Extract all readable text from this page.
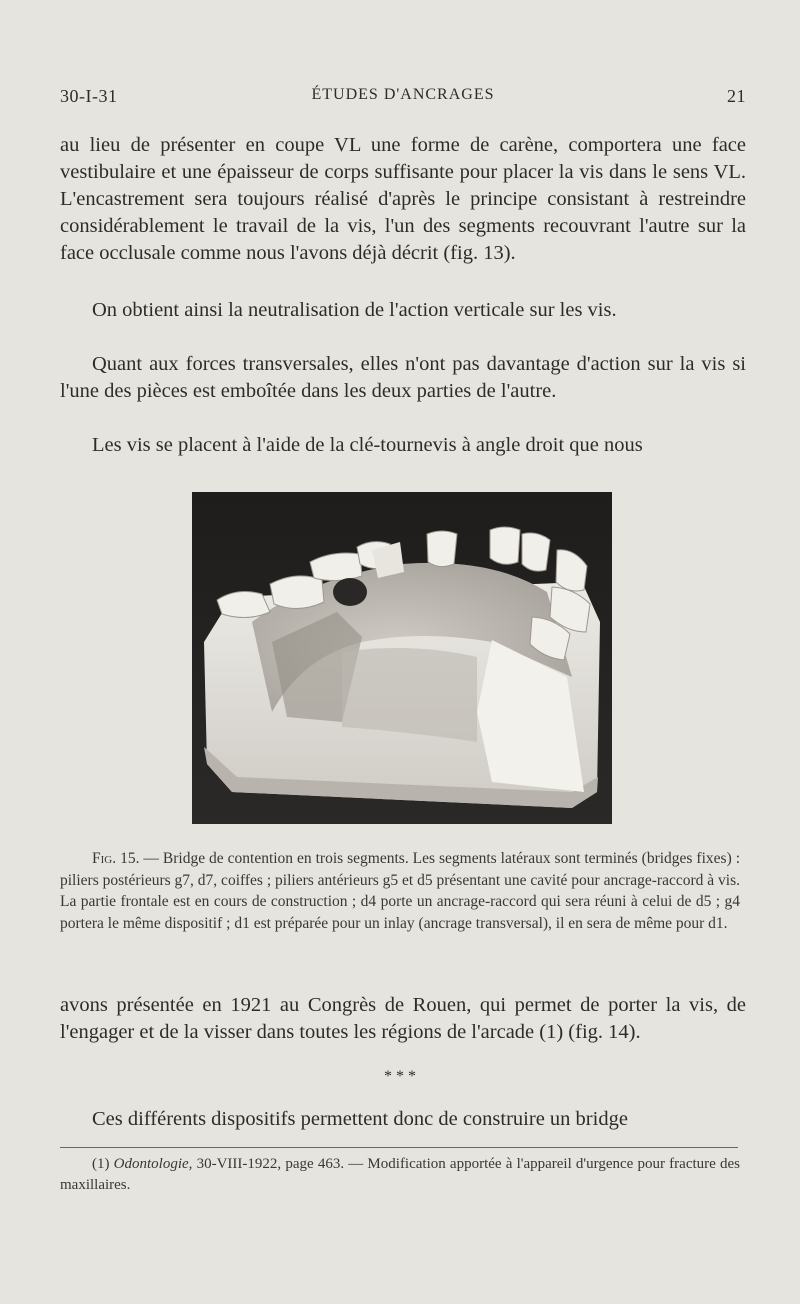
30-I-31	ÉTUDES D'ANCRAGES	21

au lieu de présenter en coupe VL une forme de carène, comportera une face vestibulaire et une épaisseur de corps suffisante pour placer la vis dans le sens VL. L'encastrement sera toujours réalisé d'après le principe consistant à restreindre considérablement le travail de la vis, l'un des segments recouvrant l'autre sur la face occlusale comme nous l'avons déjà décrit (fig. 13).

On obtient ainsi la neutralisation de l'action verticale sur les vis.

Quant aux forces transversales, elles n'ont pas davantage d'action sur la vis si l'une des pièces est emboîtée dans les deux parties de l'autre.

Les vis se placent à l'aide de la clé-tournevis à angle droit que nous

Fig. 15. — Bridge de contention en trois segments. Les segments latéraux sont terminés (bridges fixes) : piliers postérieurs g7, d7, coiffes ; piliers antérieurs g5 et d5 présentant une cavité pour ancrage-raccord à vis. La partie frontale est en cours de construction ; d4 porte un ancrage-raccord qui sera réuni à celui de d5 ; g4 portera le même dispositif ; d1 est préparée pour un inlay (ancrage transversal), il en sera de même pour d1.

avons présentée en 1921 au Congrès de Rouen, qui permet de porter la vis, de l'engager et de la visser dans toutes les régions de l'arcade (1) (fig. 14).

* * *

Ces différents dispositifs permettent donc de construire un bridge

(1) Odontologie, 30-VIII-1922, page 463. — Modification apportée à l'appareil d'urgence pour fracture des maxillaires.
